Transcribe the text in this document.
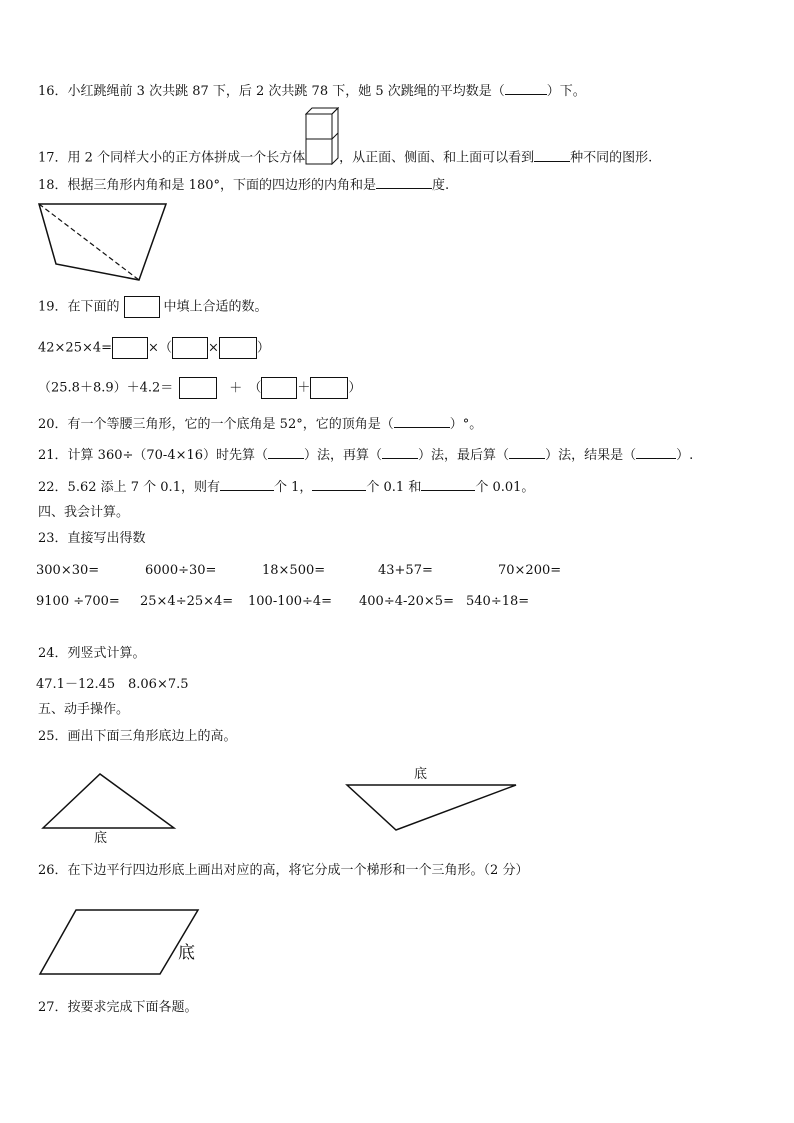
16．小红跳绳前 3 次共跳 87 下，后 2 次共跳 78 下，她 5 次跳绳的平均数是（	）下。
17．用 2 个同样大小的正方体拼成一个长方体	，从正面、侧面、和上面可以看到	种不同的图形.
18．根据三角形内角和是 180°，下面的四边形的内角和是	度.
19．在下面的	中填上合适的数。
42×25×4=	×（	×	）
（25.8＋8.9）＋4.2＝	＋ （	＋	）
20．有一个等腰三角形，它的一个底角是 52°，它的顶角是（	）°。
21．计算 360÷（70-4×16）时先算（	）法，再算（	）法，最后算（	）法，结果是（	）.
22．5.62 添上 7 个 0.1，则有	个 1，	个 0.1 和	个 0.01。
四、我会计算。
23．直接写出得数
300×30=	6000÷30=	18×500=	43+57=	70×200=
9100 ÷700= 25×4÷25×4= 100-100÷4= 400÷4-20×5= 540÷18=
24．列竖式计算。
47.1－12.45 8.06×7.5
五、动手操作。
25．画出下面三角形底边上的高。
底
底
26．在下边平行四边形底上画出对应的高，将它分成一个梯形和一个三角形。（2 分）
底
27．按要求完成下面各题。
